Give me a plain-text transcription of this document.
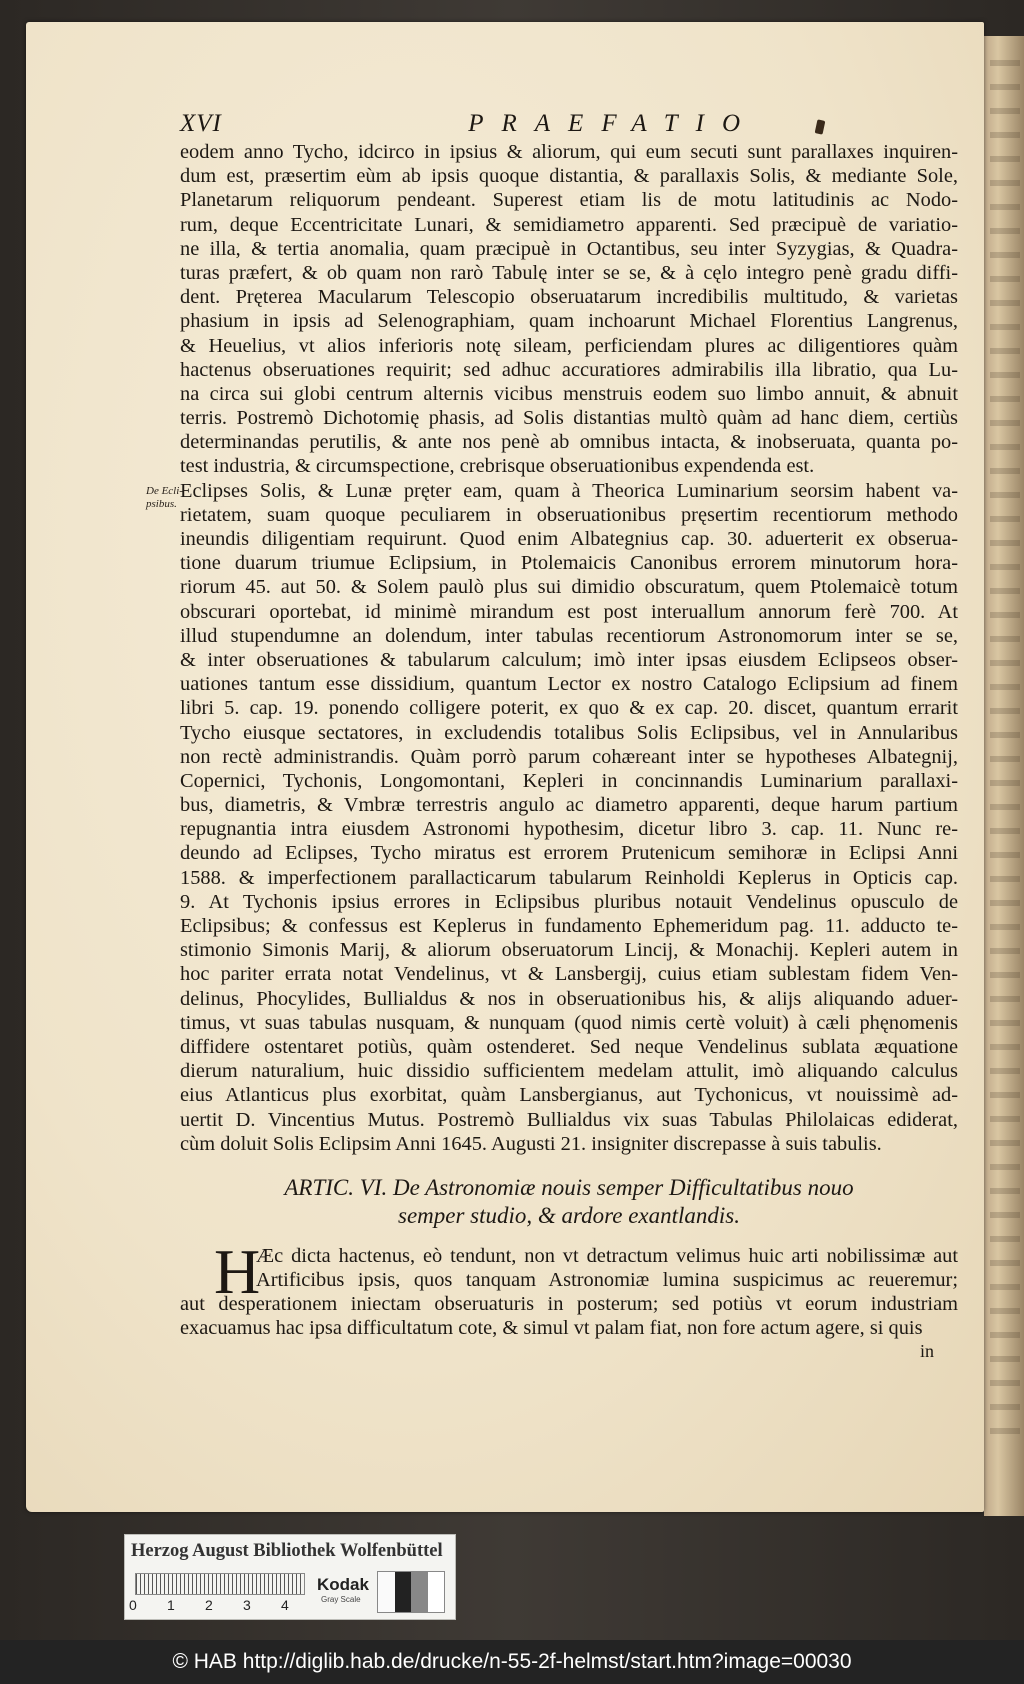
De Ecli-
psibus.
XVI	PRAEFATIO
eodem anno Tycho, idcirco in ipsius & aliorum, qui eum secuti sunt parallaxes inquiren-
dum est, præsertim eùm ab ipsis quoque distantia, & parallaxis Solis, & mediante Sole,
Planetarum reliquorum pendeant. Superest etiam lis de motu latitudinis ac Nodo-
rum, deque Eccentricitate Lunari, & semidiametro apparenti. Sed præcipuè de variatio-
ne illa, & tertia anomalia, quam præcipuè in Octantibus, seu inter Syzygias, & Quadra-
turas præfert, & ob quam non rarò Tabulę inter se se, & à cęlo integro penè gradu diffi-
dent. Pręterea Macularum Telescopio obseruatarum incredibilis multitudo, & varietas
phasium in ipsis ad Selenographiam, quam inchoarunt Michael Florentius Langrenus,
& Heuelius, vt alios inferioris notę sileam, perficiendam plures ac diligentiores quàm
hactenus obseruationes requirit; sed adhuc accuratiores admirabilis illa libratio, qua Lu-
na circa sui globi centrum alternis vicibus menstruis eodem suo limbo annuit, & abnuit
terris. Postremò Dichotomię phasis, ad Solis distantias multò quàm ad hanc diem, certiùs
determinandas perutilis, & ante nos penè ab omnibus intacta, & inobseruata, quanta po-
test industria, & circumspectione, crebrisque obseruationibus expendenda est.
Eclipses Solis, & Lunæ pręter eam, quam à Theorica Luminarium seorsim habent va-
rietatem, suam quoque peculiarem in obseruationibus pręsertim recentiorum methodo
ineundis diligentiam requirunt. Quod enim Albategnius cap. 30. aduerterit ex obserua-
tione duarum triumue Eclipsium, in Ptolemaicis Canonibus errorem minutorum hora-
riorum 45. aut 50. & Solem paulò plus sui dimidio obscuratum, quem Ptolemaicè totum
obscurari oportebat, id minimè mirandum est post interuallum annorum ferè 700. At
illud stupendumne an dolendum, inter tabulas recentiorum Astronomorum inter se se,
& inter obseruationes & tabularum calculum; imò inter ipsas eiusdem Eclipseos obser-
uationes tantum esse dissidium, quantum Lector ex nostro Catalogo Eclipsium ad finem
libri 5. cap. 19. ponendo colligere poterit, ex quo & ex cap. 20. discet, quantum errarit
Tycho eiusque sectatores, in excludendis totalibus Solis Eclipsibus, vel in Annularibus
non rectè administrandis. Quàm porrò parum cohæreant inter se hypotheses Albategnij,
Copernici, Tychonis, Longomontani, Kepleri in concinnandis Luminarium parallaxi-
bus, diametris, & Vmbræ terrestris angulo ac diametro apparenti, deque harum partium
repugnantia intra eiusdem Astronomi hypothesim, dicetur libro 3. cap. 11. Nunc re-
deundo ad Eclipses, Tycho miratus est errorem Prutenicum semihoræ in Eclipsi Anni
1588. & imperfectionem parallacticarum tabularum Reinholdi Keplerus in Opticis cap.
9. At Tychonis ipsius errores in Eclipsibus pluribus notauit Vendelinus opusculo de
Eclipsibus; & confessus est Keplerus in fundamento Ephemeridum pag. 11. adducto te-
stimonio Simonis Marij, & aliorum obseruatorum Lincij, & Monachij. Kepleri autem in
hoc pariter errata notat Vendelinus, vt & Lansbergij, cuius etiam sublestam fidem Ven-
delinus, Phocylides, Bullialdus & nos in obseruationibus his, & alijs aliquando aduer-
timus, vt suas tabulas nusquam, & nunquam (quod nimis certè voluit) à cæli phęnomenis
diffidere ostentaret potiùs, quàm ostenderet. Sed neque Vendelinus sublata æquatione
dierum naturalium, huic dissidio sufficientem medelam attulit, imò aliquando calculus
eius Atlanticus plus exorbitat, quàm Lansbergianus, aut Tychonicus, vt nouissimè ad-
uertit D. Vincentius Mutus. Postremò Bullialdus vix suas Tabulas Philolaicas ediderat,
cùm doluit Solis Eclipsim Anni 1645. Augusti 21. insigniter discrepasse à suis tabulis.
ARTIC. VI. De Astronomiæ nouis semper Difficultatibus nouo
semper studio, & ardore exantlandis.
H
Æc dicta hactenus, eò tendunt, non vt detractum velimus huic arti nobilissimæ aut
Artificibus ipsis, quos tanquam Astronomiæ lumina suspicimus ac reueremur;
aut desperationem iniectam obseruaturis in posterum; sed potiùs vt eorum industriam
exacuamus hac ipsa difficultatum cote, & simul vt palam fiat, non fore actum agere, si quis
in
Herzog August Bibliothek Wolfenbüttel
0 1 2 3 4
Kodak
Gray Scale
© HAB http://diglib.hab.de/drucke/n-55-2f-helmst/start.htm?image=00030
